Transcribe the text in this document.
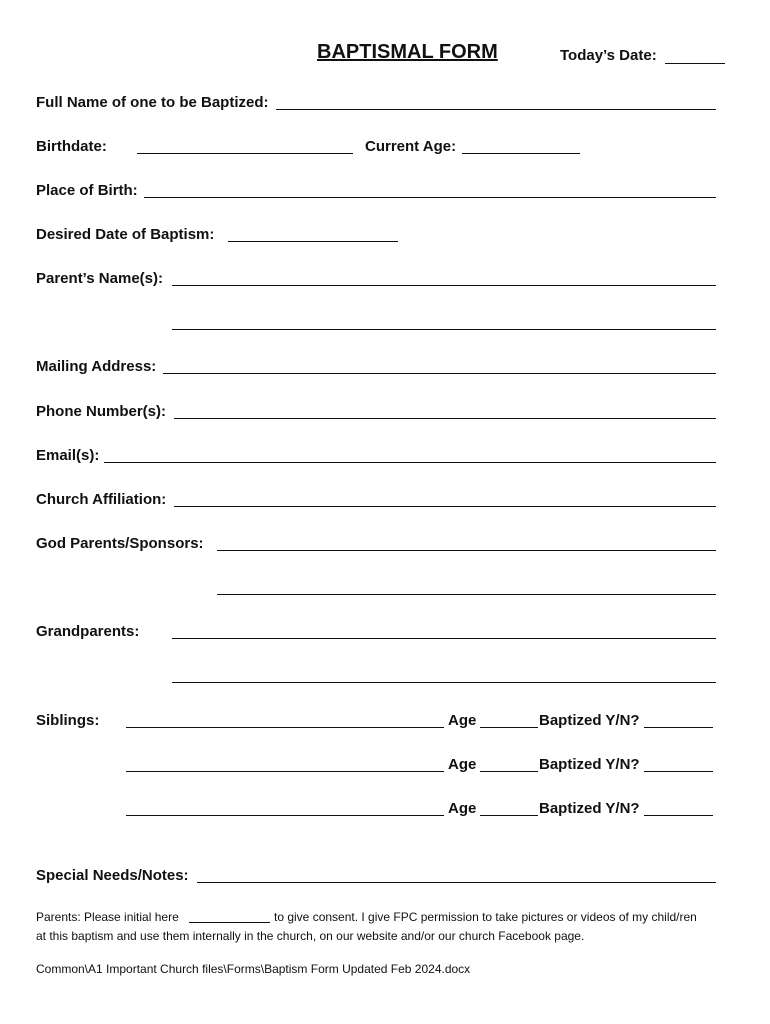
BAPTISMAL FORM	Today’s Date:
Full Name of one to be Baptized:
Birthdate:	Current Age:
Place of Birth:
Desired Date of Baptism:
Parent’s Name(s):
Mailing Address:
Phone Number(s):
Email(s):
Church Affiliation:
God Parents/Sponsors:
Grandparents:
Siblings:	Age	Baptized Y/N?
Age	Baptized Y/N?
Age	Baptized Y/N?
Special Needs/Notes:
Parents: Please initial here	to give consent. I give FPC permission to take pictures or videos of my child/ren
at this baptism and use them internally in the church, on our website and/or our church Facebook page.
Common\A1 Important Church files\Forms\Baptism Form Updated Feb 2024.docx
